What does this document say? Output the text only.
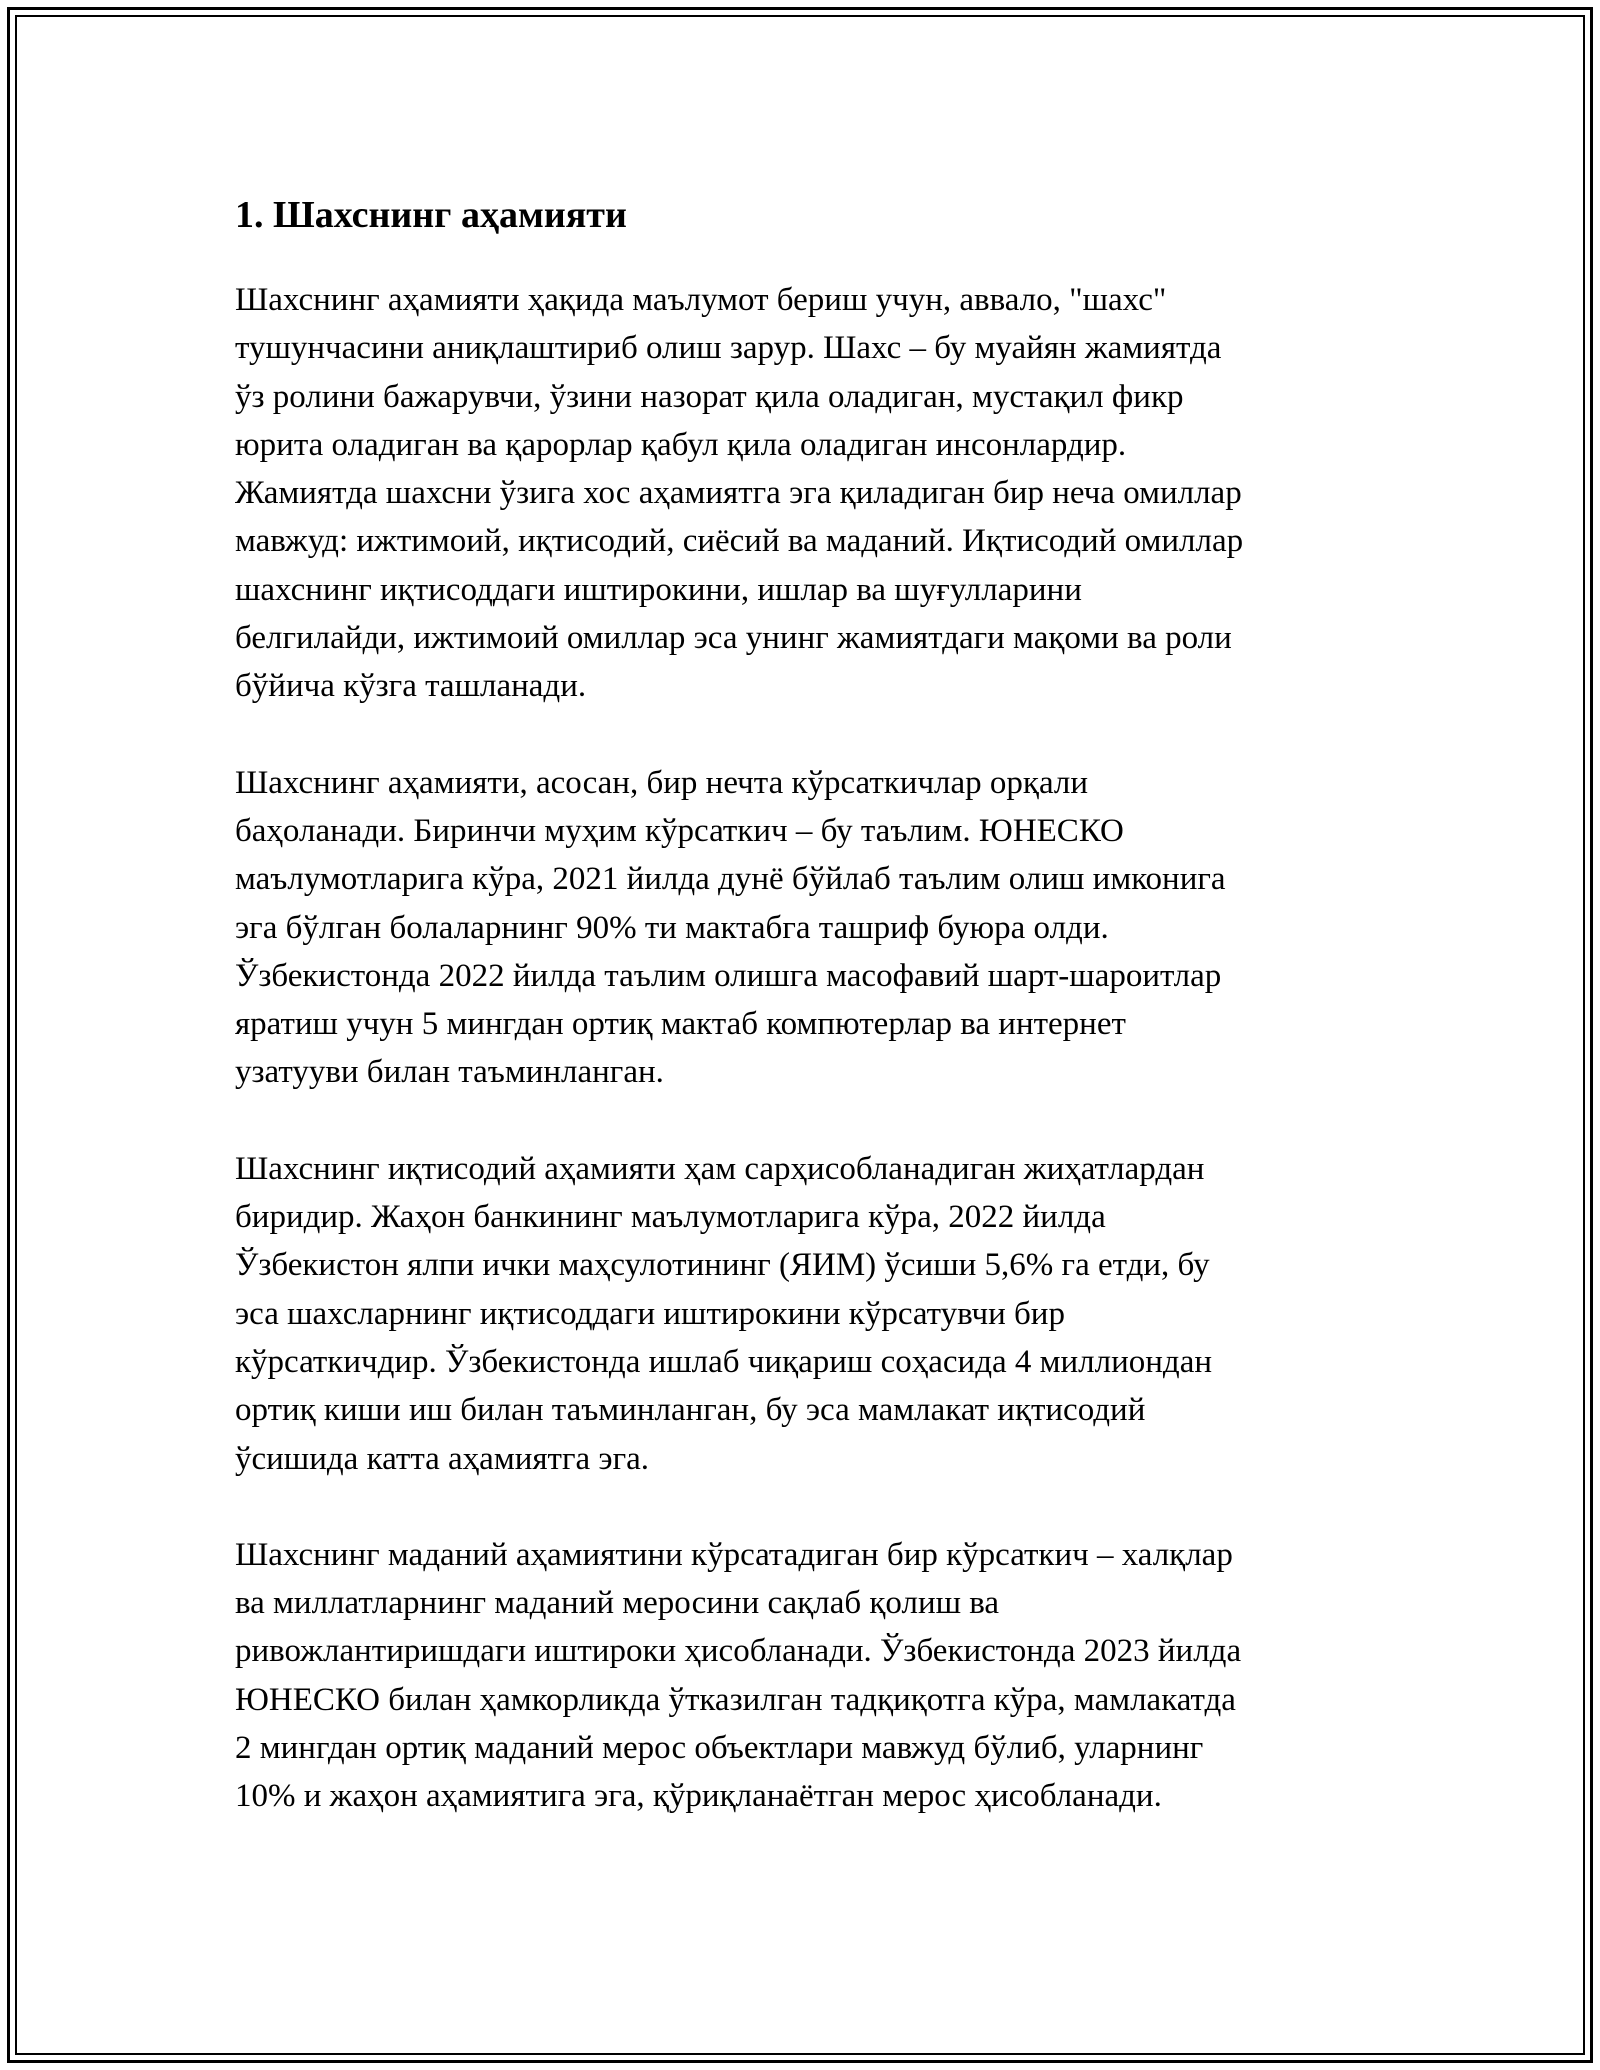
1. Шахснинг аҳамияти

Шахснинг аҳамияти ҳақида маълумот бериш учун, аввало, "шахс"
тушунчасини аниқлаштириб олиш зарур. Шахс – бу муайян жамиятда
ўз ролини бажарувчи, ўзини назорат қила оладиган, мустақил фикр
юрита оладиган ва қарорлар қабул қила оладиган инсонлардир.
Жамиятда шахсни ўзига хос аҳамиятга эга қиладиган бир неча омиллар
мавжуд: ижтимоий, иқтисодий, сиёсий ва маданий. Иқтисодий омиллар
шахснинг иқтисоддаги иштирокини, ишлар ва шуғулларини
белгилайди, ижтимоий омиллар эса унинг жамиятдаги мақоми ва роли
бўйича кўзга ташланади.

Шахснинг аҳамияти, асосан, бир нечта кўрсаткичлар орқали
баҳоланади. Биринчи муҳим кўрсаткич – бу таълим. ЮНЕСКО
маълумотларига кўра, 2021 йилда дунё бўйлаб таълим олиш имконига
эга бўлган болаларнинг 90% ти мактабга ташриф буюра олди.
Ўзбекистонда 2022 йилда таълим олишга масофавий шарт-шароитлар
яратиш учун 5 мингдан ортиқ мактаб компютерлар ва интернет
узатууви билан таъминланган.

Шахснинг иқтисодий аҳамияти ҳам сарҳисобланадиган жиҳатлардан
биридир. Жаҳон банкининг маълумотларига кўра, 2022 йилда
Ўзбекистон ялпи ички маҳсулотининг (ЯИМ) ўсиши 5,6% га етди, бу
эса шахсларнинг иқтисоддаги иштирокини кўрсатувчи бир
кўрсаткичдир. Ўзбекистонда ишлаб чиқариш соҳасида 4 миллиондан
ортиқ киши иш билан таъминланган, бу эса мамлакат иқтисодий
ўсишида катта аҳамиятга эга.

Шахснинг маданий аҳамиятини кўрсатадиган бир кўрсаткич – халқлар
ва миллатларнинг маданий меросини сақлаб қолиш ва
ривожлантиришдаги иштироки ҳисобланади. Ўзбекистонда 2023 йилда
ЮНЕСКО билан ҳамкорликда ўтказилган тадқиқотга кўра, мамлакатда
2 мингдан ортиқ маданий мерос объектлари мавжуд бўлиб, уларнинг
10% и жаҳон аҳамиятига эга, қўриқланаётган мерос ҳисобланади.
